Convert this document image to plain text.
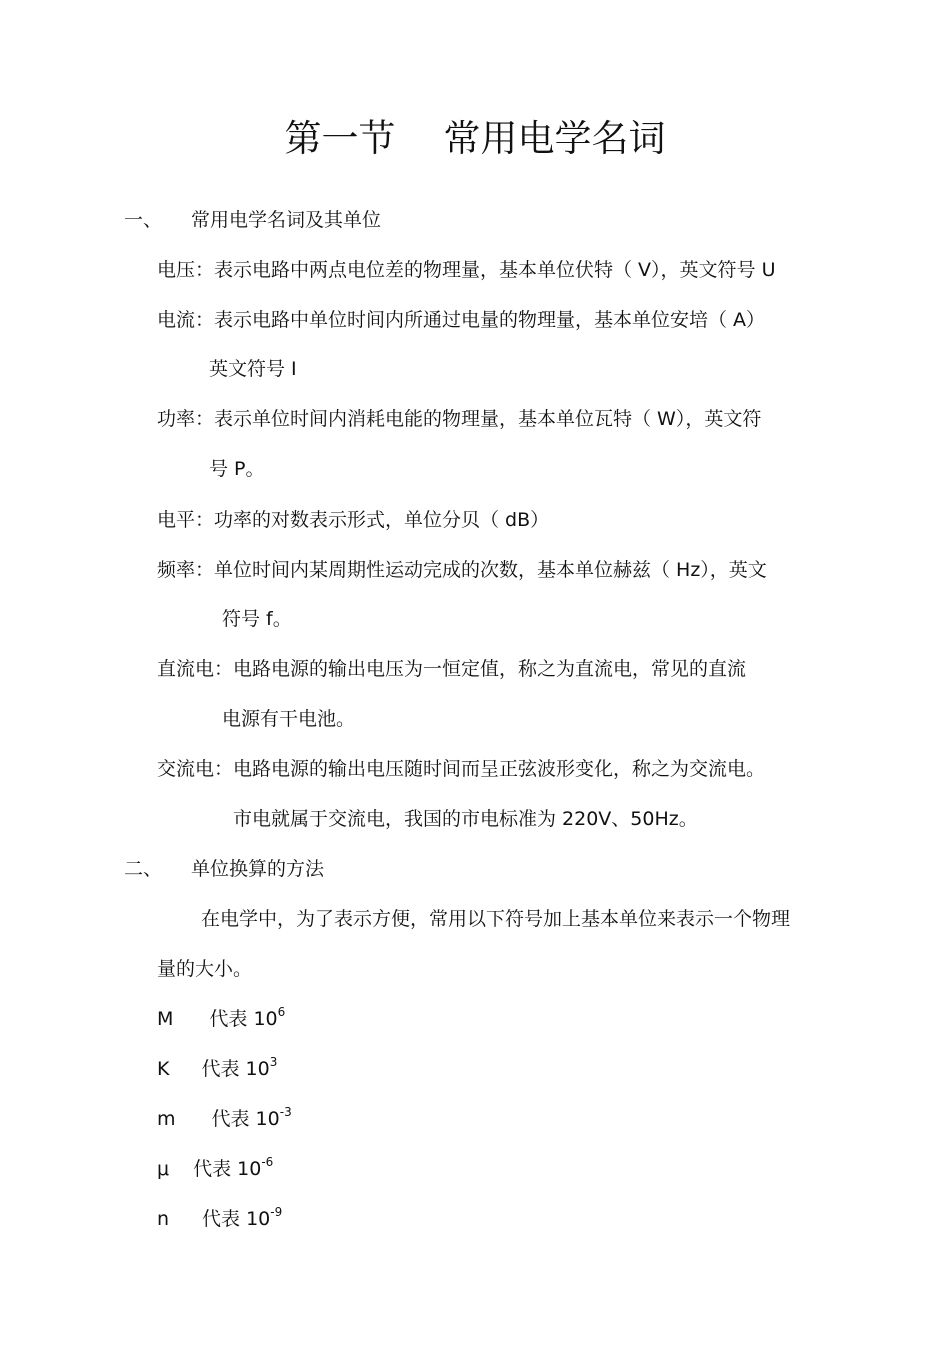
第一节 常用电学名词
一、 常用电学名词及其单位
电压：表示电路中两点电位差的物理量，基本单位伏特（ V），英文符号 U
电流：表示电路中单位时间内所通过电量的物理量，基本单位安培（ A）
英文符号 I
功率：表示单位时间内消耗电能的物理量，基本单位瓦特（ W），英文符
号 P。
电平：功率的对数表示形式，单位分贝（ dB）
频率：单位时间内某周期性运动完成的次数，基本单位赫兹（ Hz），英文
符号 f。
直流电：电路电源的输出电压为一恒定值，称之为直流电，常见的直流
电源有干电池。
交流电：电路电源的输出电压随时间而呈正弦波形变化，称之为交流电。
市电就属于交流电，我国的市电标准为 220V、50Hz。
二、 单位换算的方法
在电学中，为了表示方便，常用以下符号加上基本单位来表示一个物理
量的大小。
M 代表 $10^6$
K 代表 $10^3$
m 代表 $10^{-3}$
μ 代表 $10^{-6}$
n 代表 $10^{-9}$
